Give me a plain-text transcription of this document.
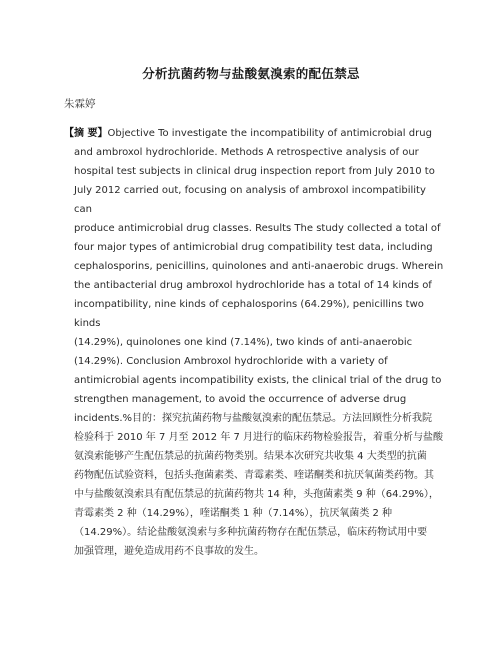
分析抗菌药物与盐酸氨溴索的配伍禁忌
朱霖婷
【摘 要】Objective To investigate the incompatibility of antimicrobial drug
and ambroxol hydrochloride. Methods A retrospective analysis of our
hospital test subjects in clinical drug inspection report from July 2010 to
July 2012 carried out, focusing on analysis of ambroxol incompatibility can
produce antimicrobial drug classes. Results The study collected a total of
four major types of antimicrobial drug compatibility test data, including
cephalosporins, penicillins, quinolones and anti-anaerobic drugs. Wherein
the antibacterial drug ambroxol hydrochloride has a total of 14 kinds of
incompatibility, nine kinds of cephalosporins (64.29%), penicillins two kinds
(14.29%), quinolones one kind (7.14%), two kinds of anti-anaerobic
(14.29%). Conclusion Ambroxol hydrochloride with a variety of
antimicrobial agents incompatibility exists, the clinical trial of the drug to
strengthen management, to avoid the occurrence of adverse drug
incidents.%目的：探究抗菌药物与盐酸氨溴索的配伍禁忌。方法回顾性分析我院
检验科于 2010 年 7 月至 2012 年 7 月进行的临床药物检验报告，着重分析与盐酸
氨溴索能够产生配伍禁忌的抗菌药物类别。结果本次研究共收集 4 大类型的抗菌
药物配伍试验资料，包括头孢菌素类、青霉素类、喹诺酮类和抗厌氧菌类药物。其
中与盐酸氨溴索具有配伍禁忌的抗菌药物共 14 种，头孢菌素类 9 种（64.29%），
青霉素类 2 种（14.29%），喹诺酮类 1 种（7.14%），抗厌氧菌类 2 种
（14.29%）。结论盐酸氨溴索与多种抗菌药物存在配伍禁忌，临床药物试用中要
加强管理，避免造成用药不良事故的发生。
